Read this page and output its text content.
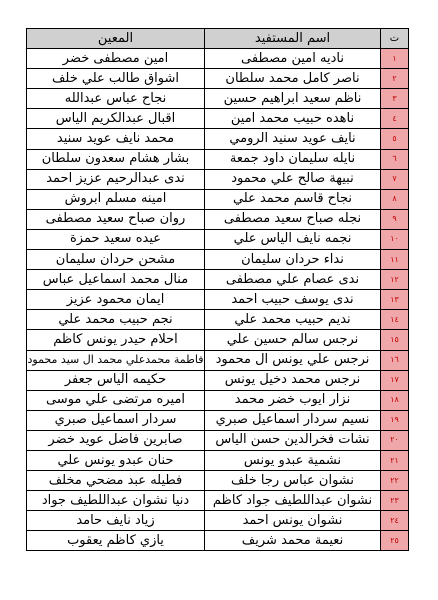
المعين	اسم المستفيد	ت
امين مصطفى خضر	ناديه امين مصطفى	١
اشواق طالب علي خلف	ناصر كامل محمد سلطان	٢
نجاح عباس عبدالله	ناظم سعيد ابراهيم حسين	٣
اقبال عبدالكريم الياس	ناهده حبيب محمد امين	٤
محمد نايف عويد سنيد	نايف عويد سنيد الرومي	٥
بشار هشام سعدون سلطان	نايله سليمان داود جمعة	٦
ندى عبدالرحيم عزيز احمد	نبيهة صالح علي محمود	٧
امينه مسلم ابروش	نجاح قاسم محمد علي	٨
روان صباح سعيد مصطفى	نجله صباح سعيد مصطفى	٩
عيده سعيد حمزة	نجمه نايف الياس علي	١٠
مشحن حردان سليمان	نداء حردان سليمان	١١
منال محمد اسماعيل عباس	ندى عصام علي مصطفى	١٢
ايمان محمود عزيز	ندى يوسف حبيب احمد	١٣
نجم حبيب محمد علي	نديم حبيب محمد علي	١٤
احلام حيدر يونس كاظم	نرجس سالم حسين علي	١٥
فاطمة محمدعلي محمد ال سيد محمود	نرجس علي يونس ال محمود	١٦
حكيمه الياس جعفر	نرجس محمد دخيل يونس	١٧
اميره مرتضى علي موسى	نزار ايوب خضر محمد	١٨
سردار اسماعيل صبري	نسيم سردار اسماعيل صبري	١٩
صابرين فاضل عويد خضر	نشات فخرالدين حسن الياس	٢٠
حنان عبدو يونس علي	نشمية عبدو يونس	٢١
فطيله عبد مضحي مخلف	نشوان عباس رجا خلف	٢٢
دنيا نشوان عبداللطيف جواد	نشوان عبداللطيف جواد كاظم	٢٣
زياد نايف حامد	نشوان يونس احمد	٢٤
يازي كاظم يعقوب	نعيمة محمد شريف	٢٥
